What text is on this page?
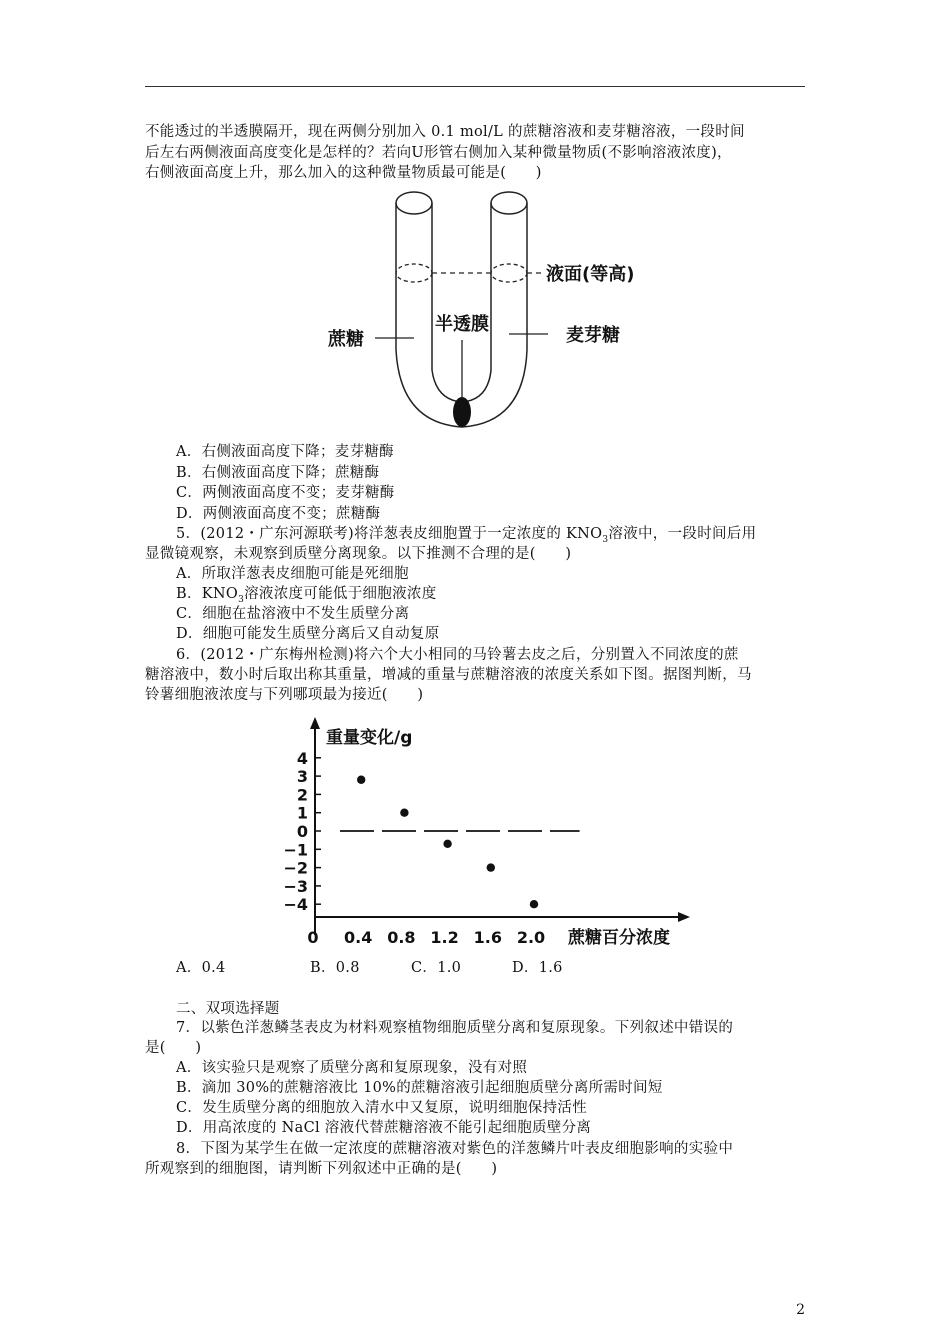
不能透过的半透膜隔开，现在两侧分别加入 0.1 mol/L 的蔗糖溶液和麦芽糖溶液，一段时间
后左右两侧液面高度变化是怎样的？若向U形管右侧加入某种微量物质(不影响溶液浓度)，
右侧液面高度上升，那么加入的这种微量物质最可能是(　　)
液面(等高)
半透膜
蔗糖	麦芽糖
A．右侧液面高度下降；麦芽糖酶
B．右侧液面高度下降；蔗糖酶
C．两侧液面高度不变；麦芽糖酶
D．两侧液面高度不变；蔗糖酶
5．(2012・广东河源联考)将洋葱表皮细胞置于一定浓度的 $KNO_3$溶液中，一段时间后用
显微镜观察，未观察到质壁分离现象。以下推测不合理的是(　　)
A．所取洋葱表皮细胞可能是死细胞
B．$KNO_3$溶液浓度可能低于细胞液浓度
C．细胞在盐溶液中不发生质壁分离
D．细胞可能发生质壁分离后又自动复原
6．(2012・广东梅州检测)将六个大小相同的马铃薯去皮之后，分别置入不同浓度的蔗
糖溶液中，数小时后取出称其重量，增减的重量与蔗糖溶液的浓度关系如下图。据图判断，马
铃薯细胞液浓度与下列哪项最为接近(　　)
重量变化/g
蔗糖百分浓度
4
3
2
1
0
−1
−2
−3
−4
0 0.4 0.8 1.2 1.6 2.0
A．0.4	B．0.8	C．1.0	D．1.6
二、双项选择题
7．以紫色洋葱鳞茎表皮为材料观察植物细胞质壁分离和复原现象。下列叙述中错误的
是(　　)
A．该实验只是观察了质壁分离和复原现象，没有对照
B．滴加 30%的蔗糖溶液比 10%的蔗糖溶液引起细胞质壁分离所需时间短
C．发生质壁分离的细胞放入清水中又复原，说明细胞保持活性
D．用高浓度的 NaCl 溶液代替蔗糖溶液不能引起细胞质壁分离
8．下图为某学生在做一定浓度的蔗糖溶液对紫色的洋葱鳞片叶表皮细胞影响的实验中
所观察到的细胞图，请判断下列叙述中正确的是(　　)
2
